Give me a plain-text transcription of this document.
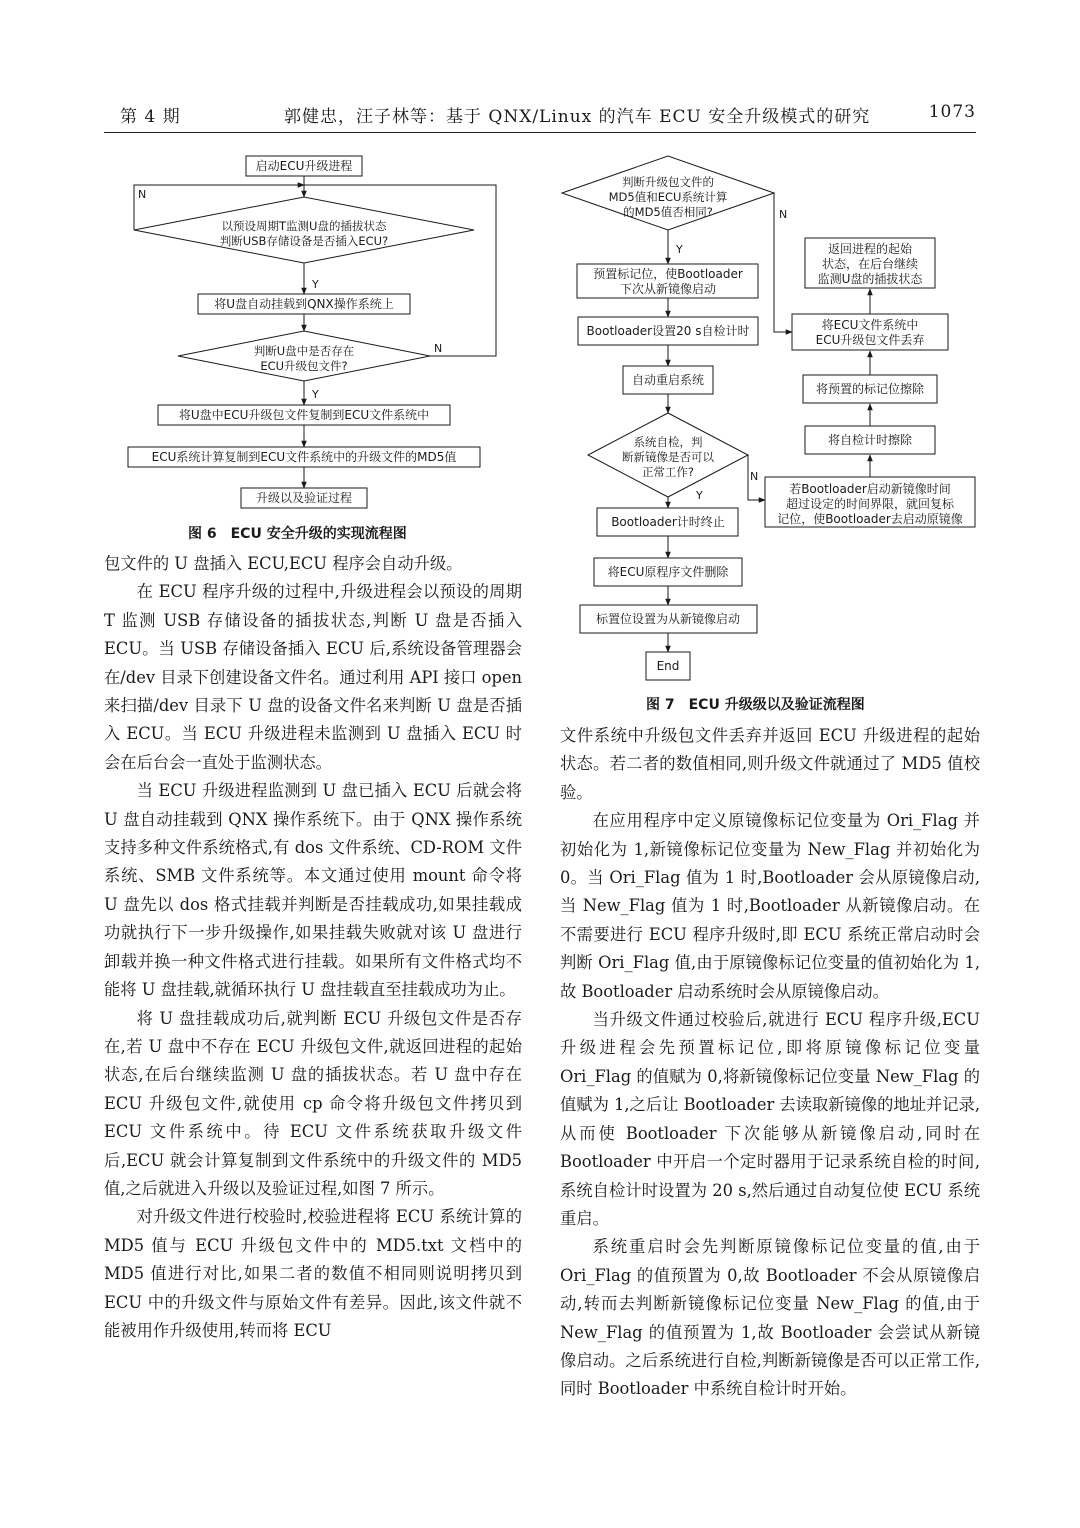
第 4 期	郭健忠，汪子林等：基于 QNX/Linux 的汽车 ECU 安全升级模式的研究	1073
启动ECU升级进程
以预设周期T监测U盘的插拔状态
判断USB存储设备是否插入ECU?
N
Y
将U盘自动挂载到QNX操作系统上
判断U盘中是否存在
ECU升级包文件?
N
Y
将U盘中ECU升级包文件复制到ECU文件系统中
ECU系统计算复制到ECU文件系统中的升级文件的MD5值
升级以及验证过程
判断升级包文件的
MD5值和ECU系统计算
的MD5值否相同?
Y
预置标记位，使Bootloader
下次从新镜像启动
Bootloader设置20 s自检计时
自动重启系统
系统自检，判
断新镜像是否可以
正常工作?
Y
Bootloader计时终止
将ECU原程序文件删除
标置位设置为从新镜像启动
End
返回进程的起始
状态，在后台继续
监测U盘的插拔状态
将ECU文件系统中
ECU升级包文件丢弃
将预置的标记位擦除
将自检计时擦除
若Bootloader启动新镜像时间
超过设定的时间界限，就回复标
记位，使Bootloader去启动原镜像
N
N
图 6　ECU 安全升级的实现流程图
图 7　ECU 升级级以及验证流程图

包文件的 U 盘插入 ECU,ECU 程序会自动升级。

在 ECU 程序升级的过程中,升级进程会以预设的周期 T 监测 USB 存储设备的插拔状态,判断 U 盘是否插入 ECU。当 USB 存储设备插入 ECU 后,系统设备管理器会在/dev 目录下创建设备文件名。通过利用 API 接口 open 来扫描/dev 目录下 U 盘的设备文件名来判断 U 盘是否插入 ECU。当 ECU 升级进程未监测到 U 盘插入 ECU 时会在后台会一直处于监测状态。

当 ECU 升级进程监测到 U 盘已插入 ECU 后就会将 U 盘自动挂载到 QNX 操作系统下。由于 QNX 操作系统支持多种文件系统格式,有 dos 文件系统、CD-ROM 文件系统、SMB 文件系统等。本文通过使用 mount 命令将 U 盘先以 dos 格式挂载并判断是否挂载成功,如果挂载成功就执行下一步升级操作,如果挂载失败就对该 U 盘进行卸载并换一种文件格式进行挂载。如果所有文件格式均不能将 U 盘挂载,就循环执行 U 盘挂载直至挂载成功为止。

将 U 盘挂载成功后,就判断 ECU 升级包文件是否存在,若 U 盘中不存在 ECU 升级包文件,就返回进程的起始状态,在后台继续监测 U 盘的插拔状态。若 U 盘中存在 ECU 升级包文件,就使用 cp 命令将升级包文件拷贝到 ECU 文件系统中。待 ECU 文件系统获取升级文件后,ECU 就会计算复制到文件系统中的升级文件的 MD5 值,之后就进入升级以及验证过程,如图 7 所示。

对升级文件进行校验时,校验进程将 ECU 系统计算的 MD5 值与 ECU 升级包文件中的 MD5.txt 文档中的 MD5 值进行对比,如果二者的数值不相同则说明拷贝到 ECU 中的升级文件与原始文件有差异。因此,该文件就不能被用作升级使用,转而将 ECU

文件系统中升级包文件丢弃并返回 ECU 升级进程的起始状态。若二者的数值相同,则升级文件就通过了 MD5 值校验。

在应用程序中定义原镜像标记位变量为 Ori_Flag 并初始化为 1,新镜像标记位变量为 New_Flag 并初始化为 0。当 Ori_Flag 值为 1 时,Bootloader 会从原镜像启动,当 New_Flag 值为 1 时,Bootloader 从新镜像启动。在不需要进行 ECU 程序升级时,即 ECU 系统正常启动时会判断 Ori_Flag 值,由于原镜像标记位变量的值初始化为 1,故 Bootloader 启动系统时会从原镜像启动。

当升级文件通过校验后,就进行 ECU 程序升级,ECU 升级进程会先预置标记位,即将原镜像标记位变量 Ori_Flag 的值赋为 0,将新镜像标记位变量 New_Flag 的值赋为 1,之后让 Bootloader 去读取新镜像的地址并记录,从而使 Bootloader 下次能够从新镜像启动,同时在 Bootloader 中开启一个定时器用于记录系统自检的时间,系统自检计时设置为 20 s,然后通过自动复位使 ECU 系统重启。

系统重启时会先判断原镜像标记位变量的值,由于 Ori_Flag 的值预置为 0,故 Bootloader 不会从原镜像启动,转而去判断新镜像标记位变量 New_Flag 的值,由于 New_Flag 的值预置为 1,故 Bootloader 会尝试从新镜像启动。之后系统进行自检,判断新镜像是否可以正常工作,同时 Bootloader 中系统自检计时开始。
